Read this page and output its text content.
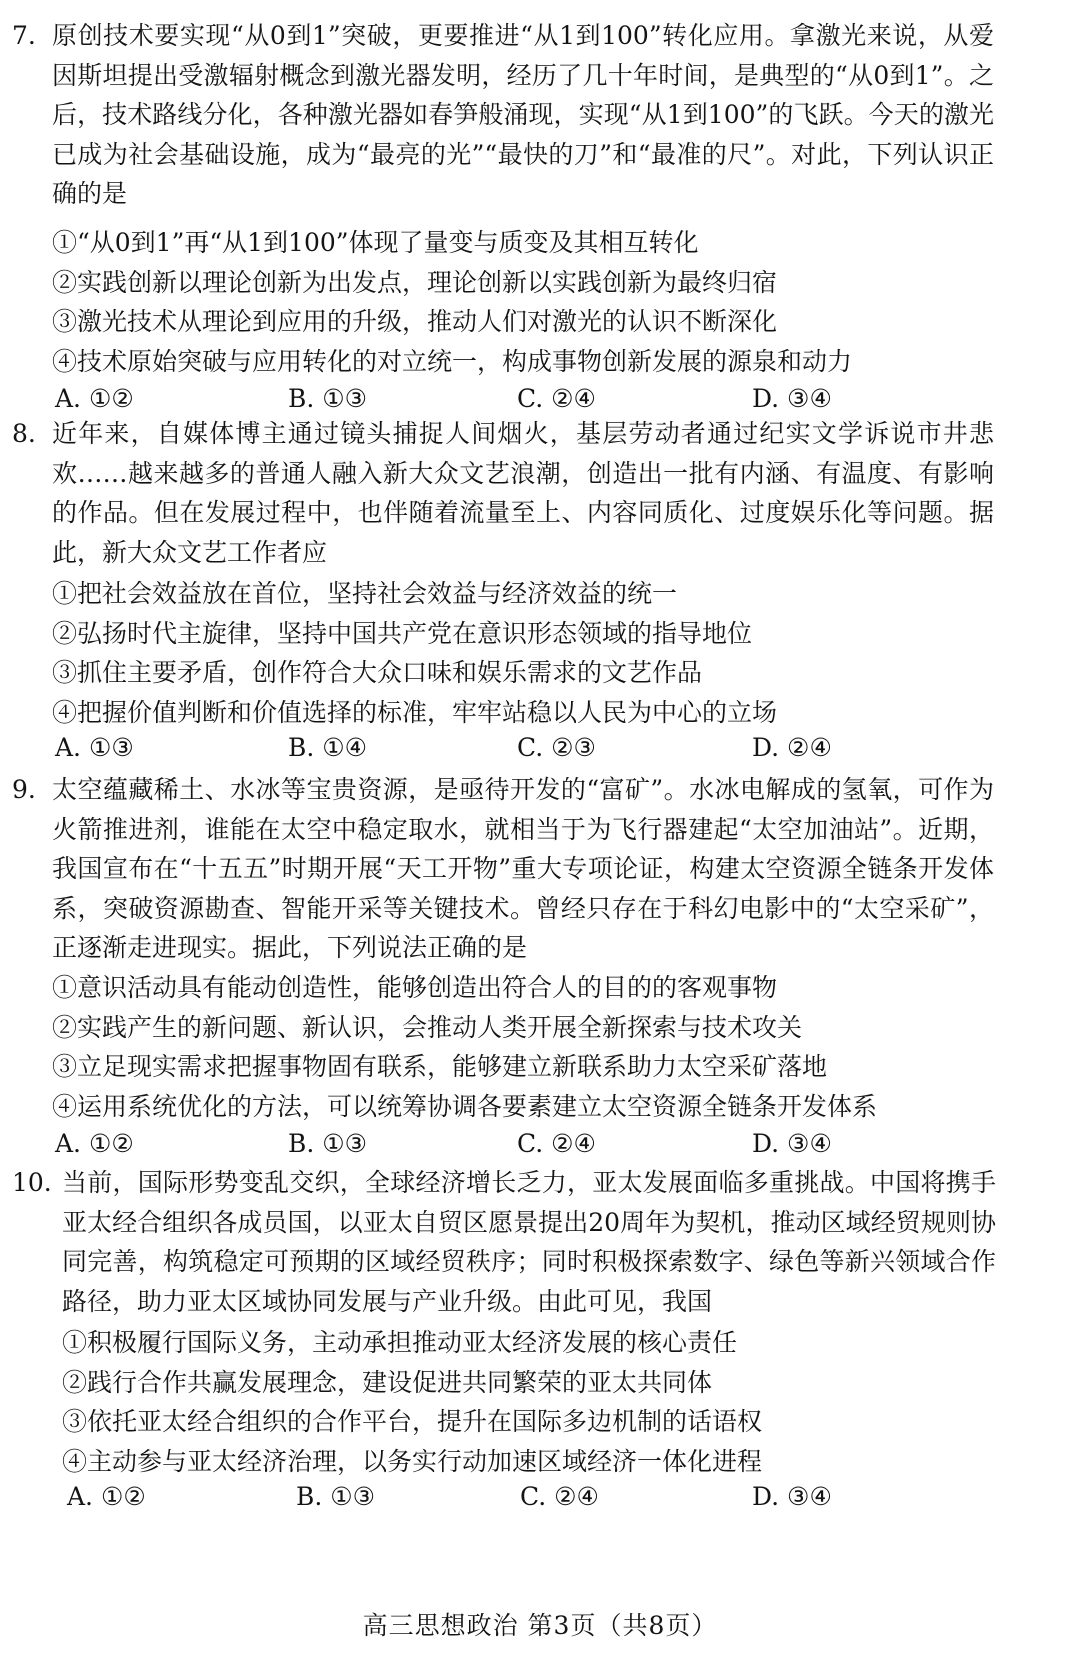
7. 原创技术要实现“从0到1”突破，更要推进“从1到100”转化应用。拿激光来说，从爱因斯坦提出受激辐射概念到激光器发明，经历了几十年时间，是典型的“从0到1”。之后，技术路线分化，各种激光器如春笋般涌现，实现“从1到100”的飞跃。今天的激光已成为社会基础设施，成为“最亮的光”“最快的刀”和“最准的尺”。对此，下列认识正确的是

①“从0到1”再“从1到100”体现了量变与质变及其相互转化
②实践创新以理论创新为出发点，理论创新以实践创新为最终归宿
③激光技术从理论到应用的升级，推动人们对激光的认识不断深化
④技术原始突破与应用转化的对立统一，构成事物创新发展的源泉和动力
A. ①②	B. ①③	C. ②④	D. ③④
8. 近年来，自媒体博主通过镜头捕捉人间烟火，基层劳动者通过纪实文学诉说市井悲欢……越来越多的普通人融入新大众文艺浪潮，创造出一批有内涵、有温度、有影响的作品。但在发展过程中，也伴随着流量至上、内容同质化、过度娱乐化等问题。据此，新大众文艺工作者应

①把社会效益放在首位，坚持社会效益与经济效益的统一
②弘扬时代主旋律，坚持中国共产党在意识形态领域的指导地位
③抓住主要矛盾，创作符合大众口味和娱乐需求的文艺作品
④把握价值判断和价值选择的标准，牢牢站稳以人民为中心的立场
A. ①③	B. ①④	C. ②③	D. ②④
9. 太空蕴藏稀土、水冰等宝贵资源，是亟待开发的“富矿”。水冰电解成的氢氧，可作为火箭推进剂，谁能在太空中稳定取水，就相当于为飞行器建起“太空加油站”。近期，我国宣布在“十五五”时期开展“天工开物”重大专项论证，构建太空资源全链条开发体系，突破资源勘查、智能开采等关键技术。曾经只存在于科幻电影中的“太空采矿”，正逐渐走进现实。据此，下列说法正确的是

①意识活动具有能动创造性，能够创造出符合人的目的的客观事物
②实践产生的新问题、新认识，会推动人类开展全新探索与技术攻关
③立足现实需求把握事物固有联系，能够建立新联系助力太空采矿落地
④运用系统优化的方法，可以统筹协调各要素建立太空资源全链条开发体系
A. ①②	B. ①③	C. ②④	D. ③④
10. 当前，国际形势变乱交织，全球经济增长乏力，亚太发展面临多重挑战。中国将携手亚太经合组织各成员国，以亚太自贸区愿景提出20周年为契机，推动区域经贸规则协同完善，构筑稳定可预期的区域经贸秩序；同时积极探索数字、绿色等新兴领域合作路径，助力亚太区域协同发展与产业升级。由此可见，我国

①积极履行国际义务，主动承担推动亚太经济发展的核心责任
②践行合作共赢发展理念，建设促进共同繁荣的亚太共同体
③依托亚太经合组织的合作平台，提升在国际多边机制的话语权
④主动参与亚太经济治理，以务实行动加速区域经济一体化进程
A. ①②	B. ①③	C. ②④	D. ③④
高三思想政治 第3页（共8页）
